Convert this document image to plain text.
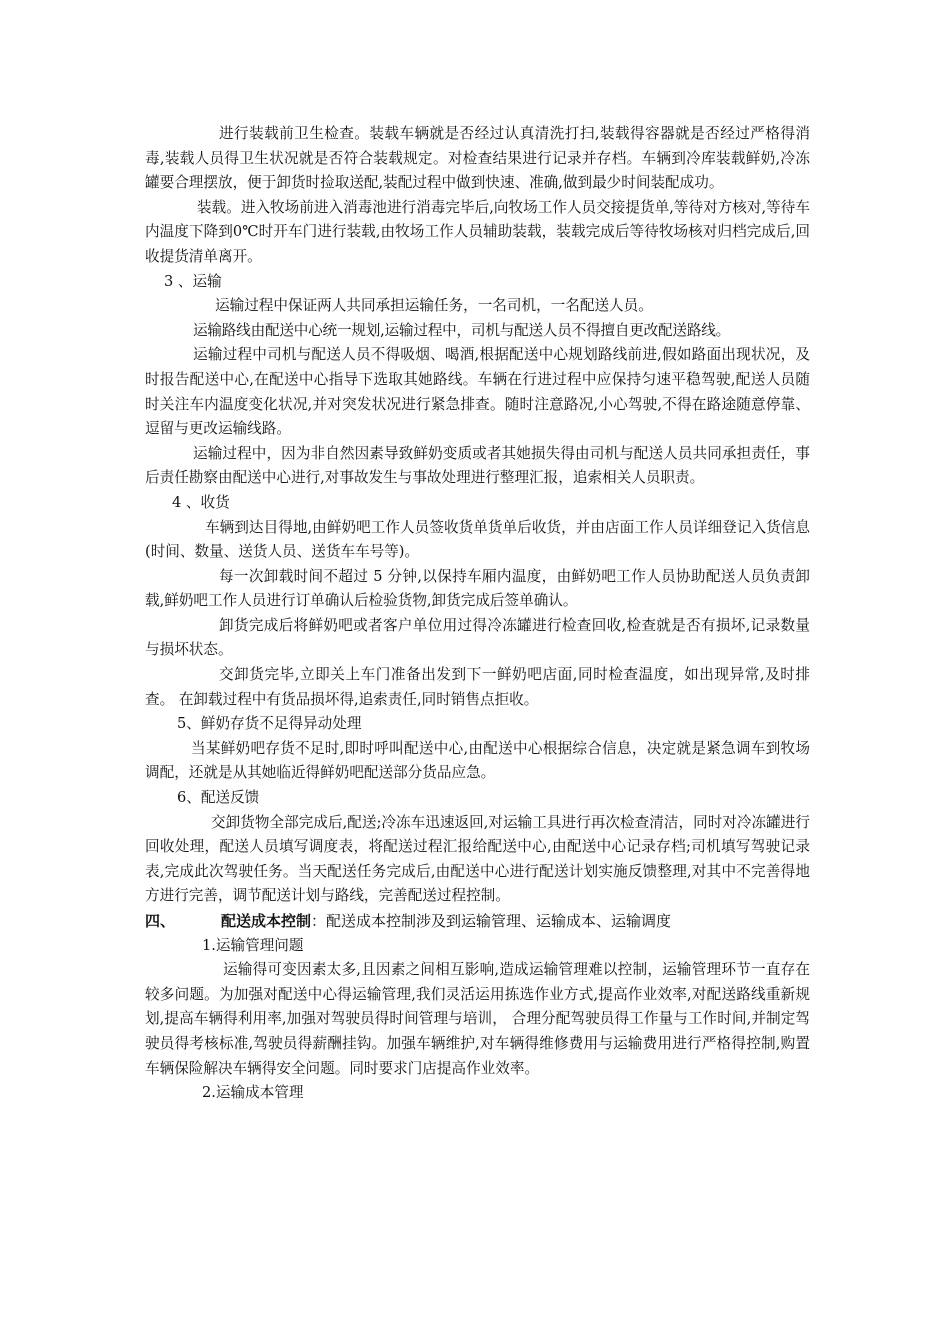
进行装载前卫生检查。装载车辆就是否经过认真清洗打扫,装载得容器就是否经过严格得消毒,装载人员得卫生状况就是否符合装载规定。对检查结果进行记录并存档。车辆到冷库装载鲜奶,冷冻罐要合理摆放，便于卸货时捡取送配,装配过程中做到快速、准确,做到最少时间装配成功。

装载。进入牧场前进入消毒池进行消毒完毕后,向牧场工作人员交接提货单,等待对方核对,等待车内温度下降到0℃时开车门进行装载,由牧场工作人员辅助装载，装载完成后等待牧场核对归档完成后,回收提货清单离开。

3 、运输

运输过程中保证两人共同承担运输任务，一名司机，一名配送人员。

运输路线由配送中心统一规划,运输过程中，司机与配送人员不得擅自更改配送路线。

运输过程中司机与配送人员不得吸烟、喝酒,根据配送中心规划路线前进,假如路面出现状况，及时报告配送中心,在配送中心指导下选取其她路线。车辆在行进过程中应保持匀速平稳驾驶,配送人员随时关注车内温度变化状况,并对突发状况进行紧急排查。随时注意路况,小心驾驶,不得在路途随意停靠、逗留与更改运输线路。

运输过程中，因为非自然因素导致鲜奶变质或者其她损失得由司机与配送人员共同承担责任，事后责任勘察由配送中心进行,对事故发生与事故处理进行整理汇报，追索相关人员职责。

4 、收货

车辆到达目得地,由鲜奶吧工作人员签收货单货单后收货，并由店面工作人员详细登记入货信息(时间、数量、送货人员、送货车车号等)。

每一次卸载时间不超过 5 分钟,以保持车厢内温度，由鲜奶吧工作人员协助配送人员负责卸载,鲜奶吧工作人员进行订单确认后检验货物,卸货完成后签单确认。

卸货完成后将鲜奶吧或者客户单位用过得冷冻罐进行检查回收,检查就是否有损坏,记录数量与损坏状态。

交卸货完毕,立即关上车门准备出发到下一鲜奶吧店面,同时检查温度，如出现异常,及时排查。 在卸载过程中有货品损坏得,追索责任,同时销售点拒收。

5、鲜奶存货不足得异动处理

当某鲜奶吧存货不足时,即时呼叫配送中心,由配送中心根据综合信息，决定就是紧急调车到牧场调配，还就是从其她临近得鲜奶吧配送部分货品应急。

6、配送反馈

交卸货物全部完成后,配送;冷冻车迅速返回,对运输工具进行再次检查清洁，同时对冷冻罐进行回收处理，配送人员填写调度表，将配送过程汇报给配送中心,由配送中心记录存档;司机填写驾驶记录表,完成此次驾驶任务。当天配送任务完成后,由配送中心进行配送计划实施反馈整理,对其中不完善得地方进行完善，调节配送计划与路线，完善配送过程控制。

四、	配送成本控制：配送成本控制涉及到运输管理、运输成本、运输调度

1.运输管理问题

运输得可变因素太多,且因素之间相互影响,造成运输管理难以控制，运输管理环节一直存在较多问题。为加强对配送中心得运输管理,我们灵活运用拣选作业方式,提高作业效率,对配送路线重新规划,提高车辆得利用率,加强对驾驶员得时间管理与培训， 合理分配驾驶员得工作量与工作时间,并制定驾驶员得考核标准,驾驶员得薪酬挂钩。加强车辆维护,对车辆得维修费用与运输费用进行严格得控制,购置车辆保险解决车辆得安全问题。同时要求门店提高作业效率。

2.运输成本管理
